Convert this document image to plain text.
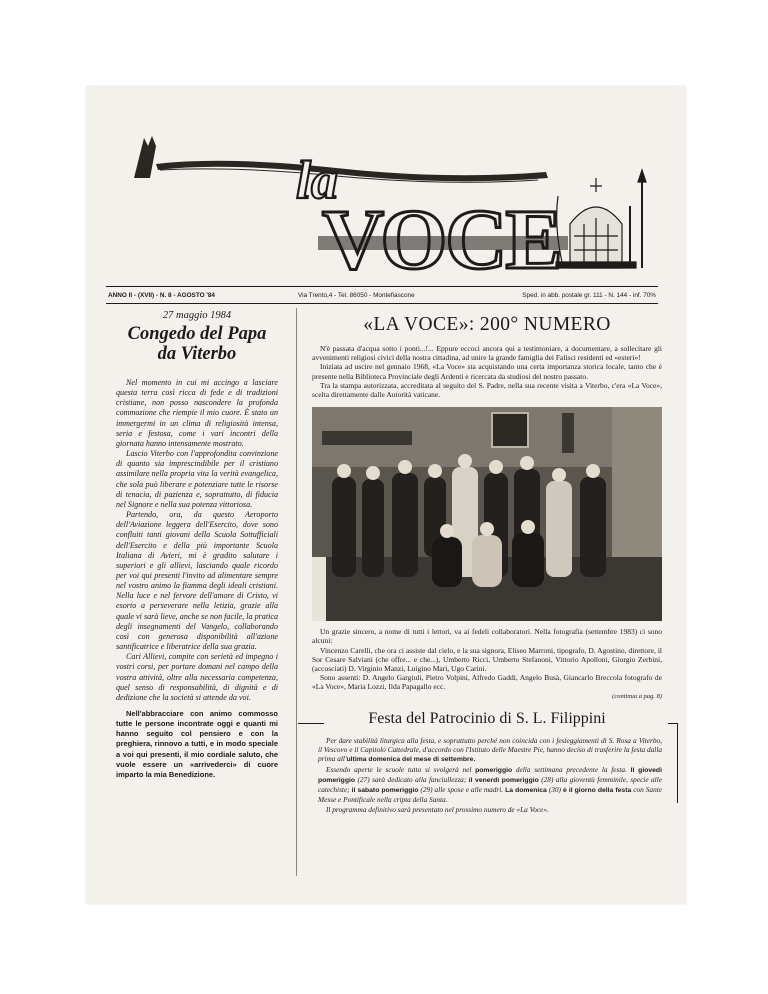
la
ANNO II - (XVII) - N. 8 - AGOSTO '84	Via Trento,4 - Tel. 86050 - Montefiascone	Sped. in abb. postale gr. 111 - N. 144 - inf. 70%
27 maggio 1984
Congedo del Papa
da Viterbo

Nel momento in cui mi accingo a lasciare questa terra così ricca di fede e di tradizioni cristiane, non posso nascondere la profonda commozione che riempie il mio cuore. È stato un immergermi in un clima di religiosità intensa, seria e festosa, come i vari incontri della giornata hanno intensamente mostrato.

Lascio Viterbo con l'approfondita convinzione di quanto sia imprescindibile per il cristiano assimilare nella propria vita la verità evangelica, che sola può liberare e potenziare tutte le risorse di tenacia, di pazienza e, soprattutto, di fiducia nel Signore e nella sua potenza vittoriosa.

Partendo, ora, da questo Aeroporto dell'Aviazione leggera dell'Esercito, dove sono confluiti tanti giovani della Scuola Sottufficiali dell'Esercito e della più importante Scuola Italiana di Avieri, mi è gradito salutare i superiori e gli allievi, lasciando quale ricordo per voi qui presenti l'invito ad alimentare sempre nel vostro animo la fiamma degli ideali cristiani. Nella luce e nel fervore dell'amore di Cristo, vi esorto a perseverare nella letizia, grazie alla quale vi sarà lieve, anche se non facile, la pratica degli insegnamenti del Vangelo, collaborando così con generosa disponibilità all'azione santificatrice e liberatrice della sua grazia.

Cari Allievi, compite con serietà ed impegno i vostri corsi, per portare domani nel campo della vostra attività, oltre alla necessaria competenza, quel senso di responsabilità, di dignità e di dedizione che la società si attende da voi.

Nell'abbracciare con animo commosso tutte le persone incontrate oggi e quanti mi hanno seguito col pensiero e con la preghiera, rinnovo a tutti, e in modo speciale a voi qui presenti, il mio cordiale saluto, che vuole essere un «arrivederci» di cuore imparto la mia Benedizione.

«LA VOCE»: 200° NUMERO

N'è passata d'acqua sotto i ponti...!... Eppure eccoci ancora qui a testimoniare, a documentare, a sollecitare gli avvenimenti religiosi civici della nostra cittadina, ad unire la grande famiglia dei Falisci residenti ed «esteri»!

Iniziata ad uscire nel gennaio 1968, «La Voce» sta acquistando una certa importanza storica locale, tanto che è presente nella Biblioteca Provinciale degli Ardenti e ricercata da studiosi del nostro passato.

Tra la stampa autorizzata, accreditata al seguito del S. Padre, nella sua recente visita a Viterbo, c'era «La Voce», scelta direttamente dalle Autorità vaticane.

Un grazie sincero, a nome di tutti i lettori, va ai fedeli collaboratori. Nella fotografia (settembre 1983) ci sono alcuni:

Vincenzo Carelli, che ora ci assiste dal cielo, e la sua signora, Eliseo Marroni, tipografo, D. Agostino, direttore, il Sor Cesare Salviani (che offre... e che...), Umberto Ricci, Umberto Stefanoni, Vittorio Apolloni, Giorgio Zerbini, (accosciati) D. Virginio Manzi, Luigino Mari, Ugo Carini.

Sono assenti: D. Angelo Gargiuli, Pietro Volpini, Alfredo Gaddi, Angelo Busà, Giancarlo Breccola fotografo de «La Voce», Maria Lozzi, Ilda Papagallo ecc.

(continua a pag. 8)

Festa del Patrocinio di S. L. Filippini

Per dare stabilità liturgica alla festa, e soprattutto perché non coincida con i festeggiamenti di S. Rosa a Viterbo, il Vescovo e il Capitolo Cattedrale, d'accordo con l'Istituto delle Maestre Pie, hanno deciso di trasferire la festa dalla prima all'ultima domenica del mese di settembre.

Essendo aperte le scuole tutto si svolgerà nel pomeriggio della settimana precedente la festa. Il giovedì pomeriggio (27) sarà dedicato alla fanciullezza; il venerdì pomeriggio (28) alla gioventù femminile, specie alle catechiste; il sabato pomeriggio (29) alle spose e alle madri. La domenica (30) è il giorno della festa con Sante Messe e Pontificale nella cripta della Santa.

Il programma definitivo sarà presentato nel prossimo numero de «La Voce».
